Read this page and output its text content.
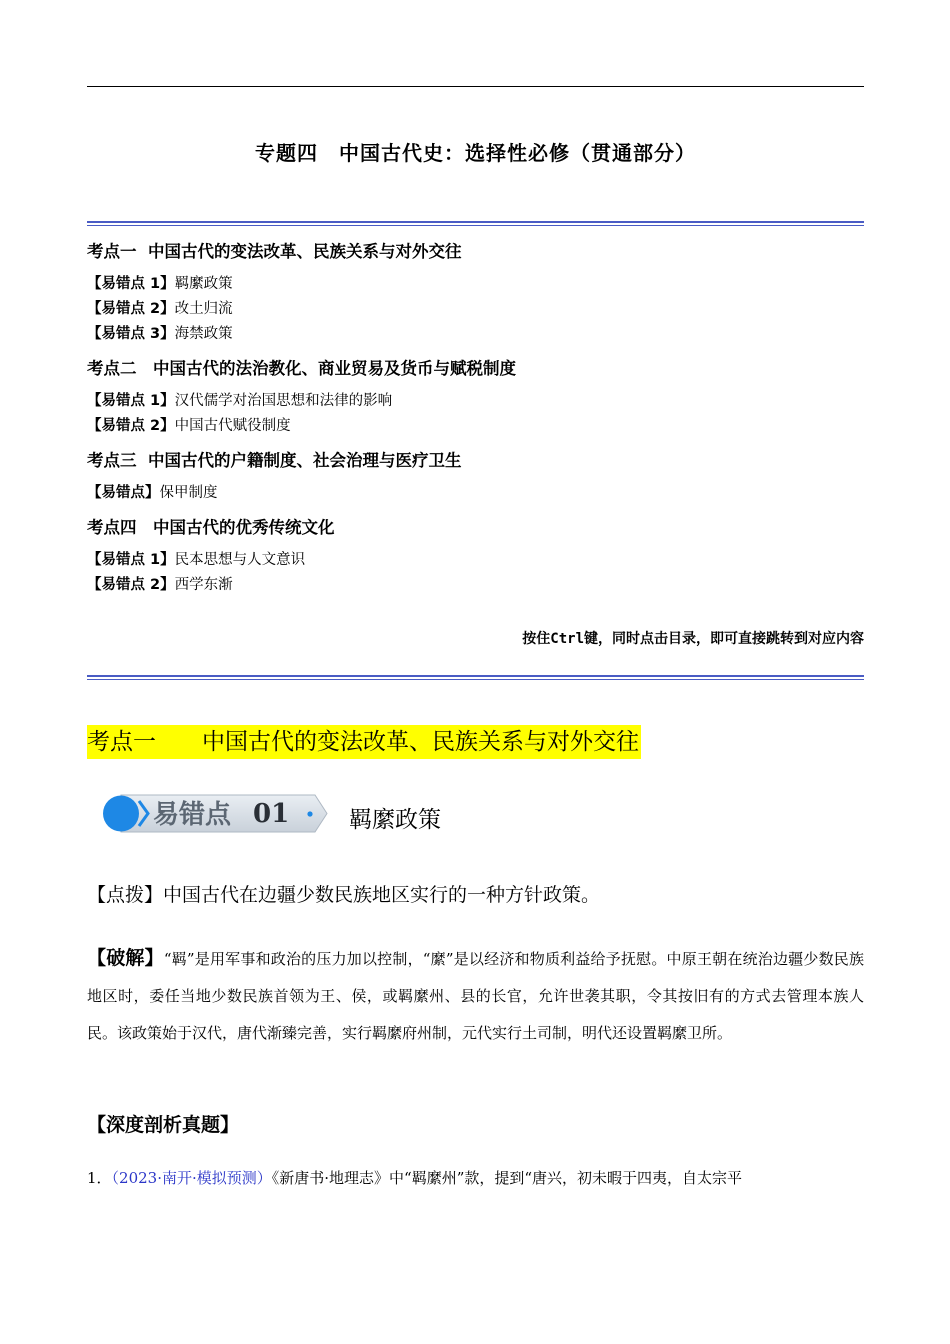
专题四　中国古代史：选择性必修（贯通部分）

考点一  中国古代的变法改革、民族关系与对外交往

【易错点 1】羁縻政策

【易错点 2】改土归流

【易错点 3】海禁政策

考点二　中国古代的法治教化、商业贸易及货币与赋税制度

【易错点 1】汉代儒学对治国思想和法律的影响

【易错点 2】中国古代赋役制度

考点三  中国古代的户籍制度、社会治理与医疗卫生

【易错点】保甲制度

考点四　中国古代的优秀传统文化

【易错点 1】民本思想与人文意识

【易错点 2】西学东渐

按住Ctrl键，同时点击目录，即可直接跳转到对应内容
考点一　　中国古代的变法改革、民族关系与对外交往
易错点 01	羁縻政策
【点拨】中国古代在边疆少数民族地区实行的一种方针政策。
【破解】“羁”是用军事和政治的压力加以控制，“縻”是以经济和物质利益给予抚慰。中原王朝在统治边疆少数民族地区时，委任当地少数民族首领为王、侯，或羁縻州、县的长官，允许世袭其职，令其按旧有的方式去管理本族人民。该政策始于汉代，唐代渐臻完善，实行羁縻府州制，元代实行土司制，明代还设置羁縻卫所。
【深度剖析真题】
1．（2023·南开·模拟预测）《新唐书·地理志》中“羁縻州”款，提到“唐兴，初未暇于四夷，自太宗平
